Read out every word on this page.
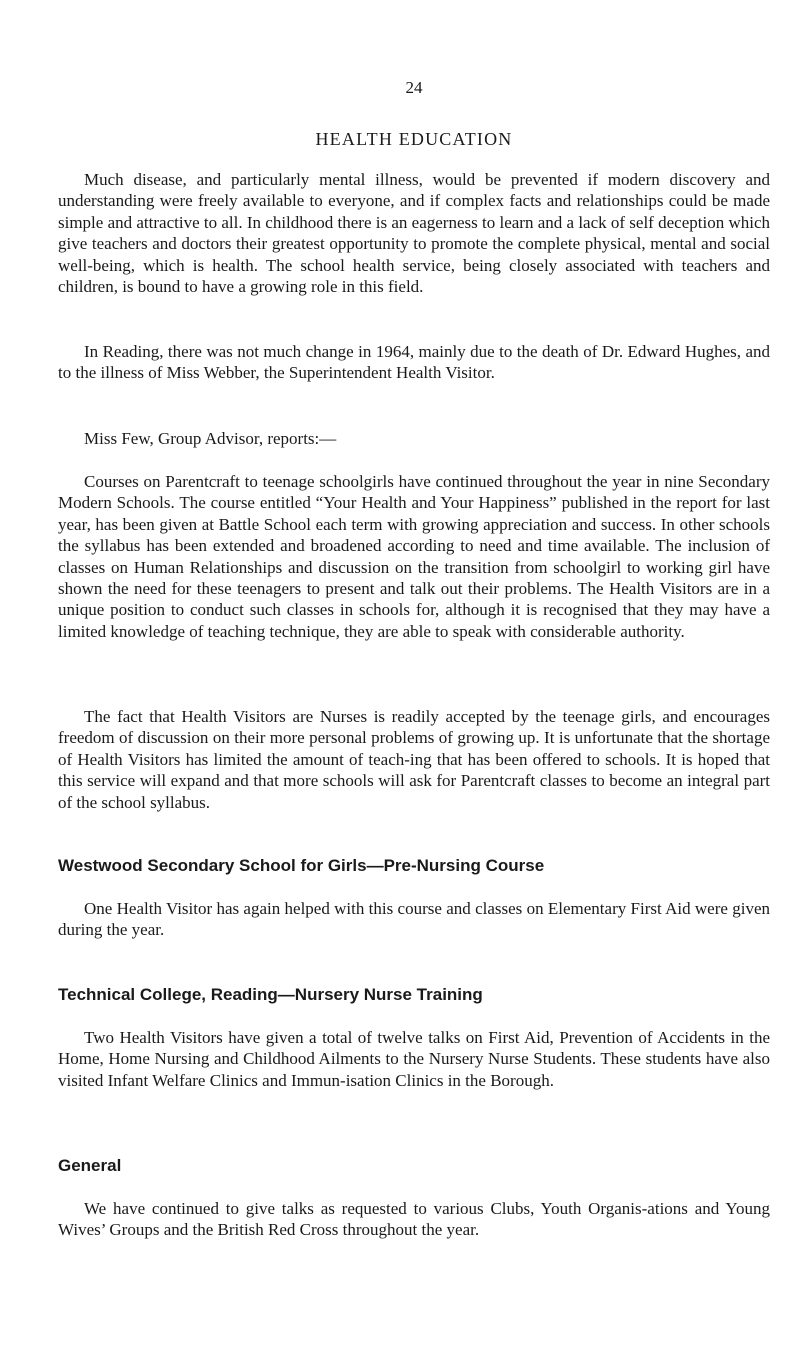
24
HEALTH EDUCATION

Much disease, and particularly mental illness, would be prevented if modern discovery and understanding were freely available to everyone, and if complex facts and relationships could be made simple and attractive to all. In childhood there is an eagerness to learn and a lack of self deception which give teachers and doctors their greatest opportunity to promote the complete physical, mental and social well-being, which is health. The school health service, being closely associated with teachers and children, is bound to have a growing role in this field.

In Reading, there was not much change in 1964, mainly due to the death of Dr. Edward Hughes, and to the illness of Miss Webber, the Superintendent Health Visitor.

Miss Few, Group Advisor, reports:—

Courses on Parentcraft to teenage schoolgirls have continued throughout the year in nine Secondary Modern Schools. The course entitled “Your Health and Your Happiness” published in the report for last year, has been given at Battle School each term with growing appreciation and success. In other schools the syllabus has been extended and broadened according to need and time available. The inclusion of classes on Human Relationships and discussion on the transition from schoolgirl to working girl have shown the need for these teenagers to present and talk out their problems. The Health Visitors are in a unique position to conduct such classes in schools for, although it is recognised that they may have a limited knowledge of teaching technique, they are able to speak with considerable authority.

The fact that Health Visitors are Nurses is readily accepted by the teenage girls, and encourages freedom of discussion on their more personal problems of growing up. It is unfortunate that the shortage of Health Visitors has limited the amount of teach-ing that has been offered to schools. It is hoped that this service will expand and that more schools will ask for Parentcraft classes to become an integral part of the school syllabus.

Westwood Secondary School for Girls—Pre-Nursing Course

One Health Visitor has again helped with this course and classes on Elementary First Aid were given during the year.

Technical College, Reading—Nursery Nurse Training

Two Health Visitors have given a total of twelve talks on First Aid, Prevention of Accidents in the Home, Home Nursing and Childhood Ailments to the Nursery Nurse Students. These students have also visited Infant Welfare Clinics and Immun-isation Clinics in the Borough.

General

We have continued to give talks as requested to various Clubs, Youth Organis-ations and Young Wives’ Groups and the British Red Cross throughout the year.
